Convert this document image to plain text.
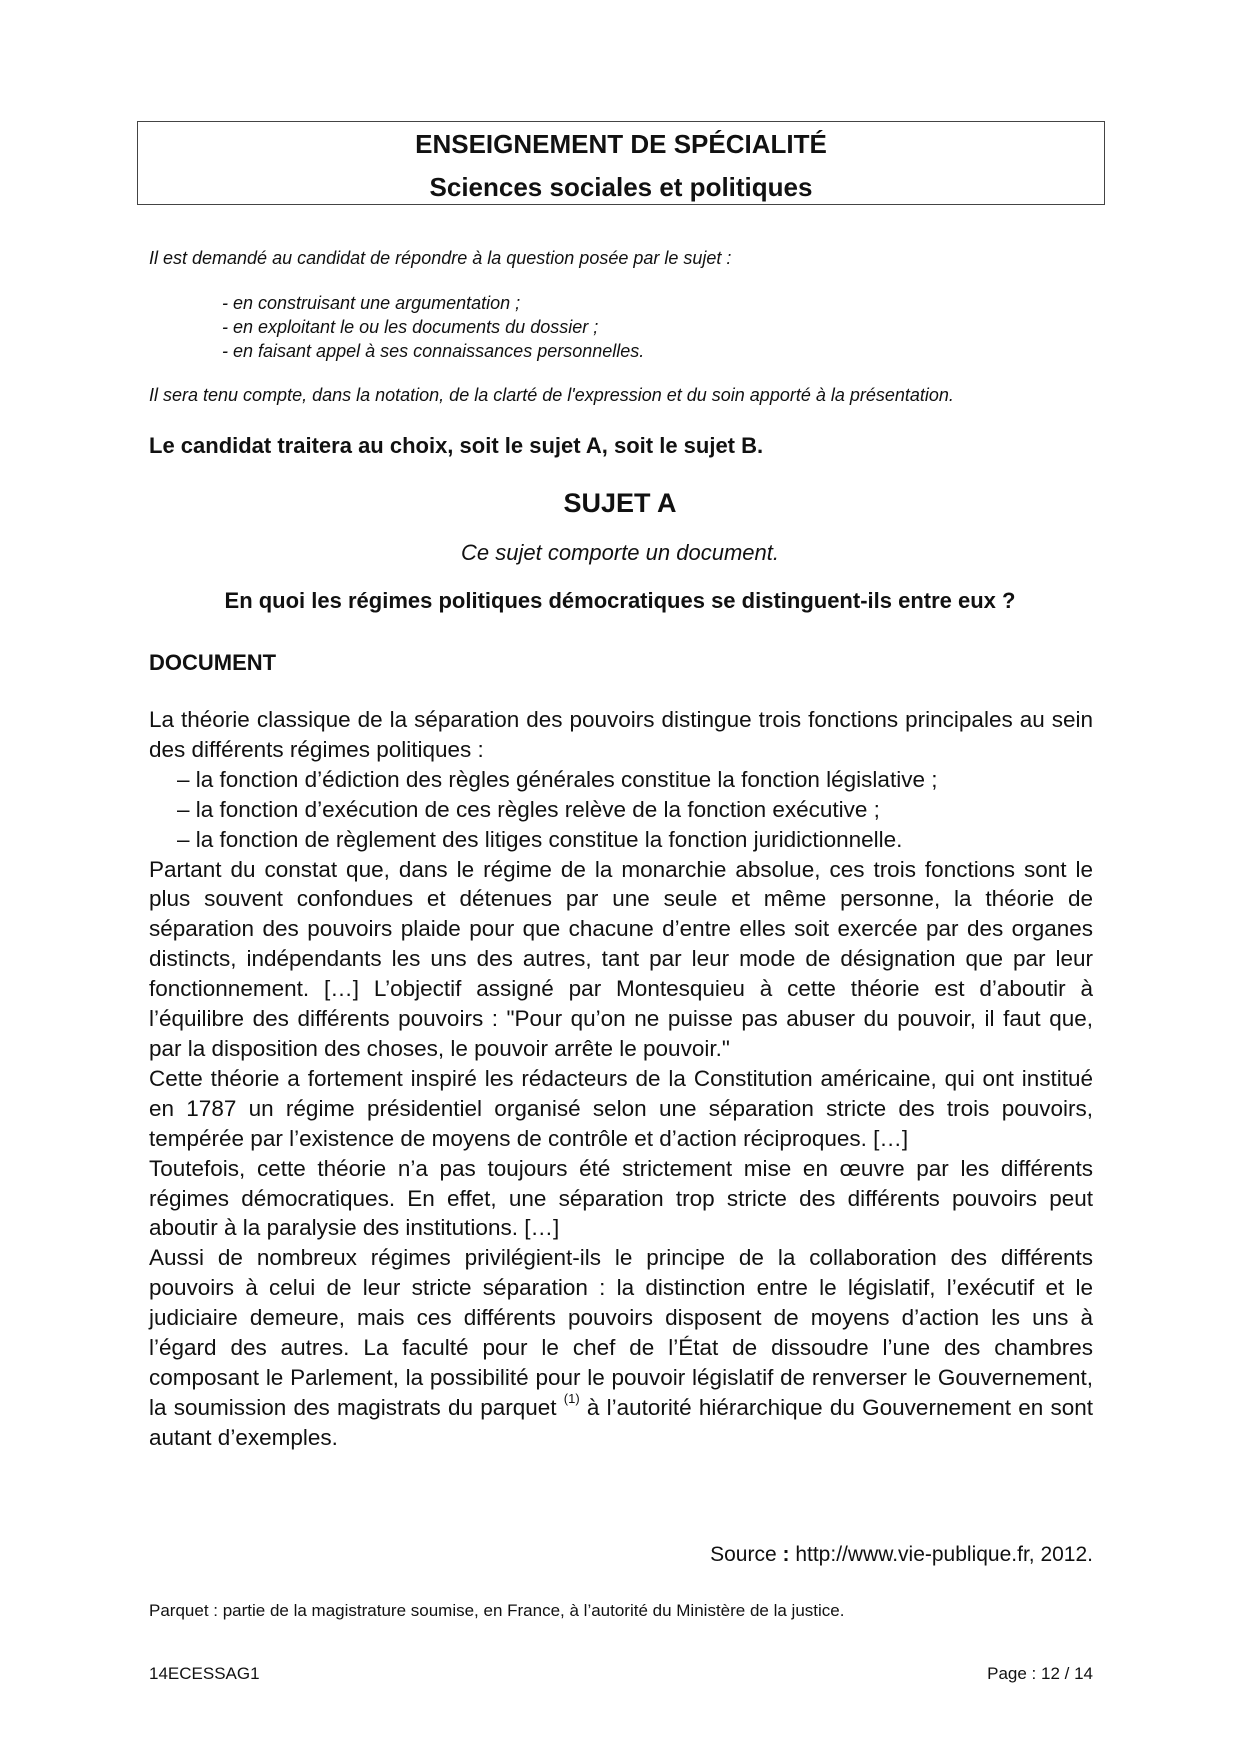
ENSEIGNEMENT DE SPÉCIALITÉ
Sciences sociales et politiques
Il est demandé au candidat de répondre à la question posée par le sujet :
- en construisant une argumentation ;
- en exploitant le ou les documents du dossier ;
- en faisant appel à ses connaissances personnelles.
Il sera tenu compte, dans la notation, de la clarté de l'expression et du soin apporté à la présentation.
Le candidat traitera au choix, soit le sujet A, soit le sujet B.
SUJET A
Ce sujet comporte un document.
En quoi les régimes politiques démocratiques se distinguent-ils entre eux ?
DOCUMENT

La théorie classique de la séparation des pouvoirs distingue trois fonctions principales au sein des différents régimes politiques :

– la fonction d’édiction des règles générales constitue la fonction législative ;

– la fonction d’exécution de ces règles relève de la fonction exécutive ;

– la fonction de règlement des litiges constitue la fonction juridictionnelle.

Partant du constat que, dans le régime de la monarchie absolue, ces trois fonctions sont le plus souvent confondues et détenues par une seule et même personne, la théorie de séparation des pouvoirs plaide pour que chacune d’entre elles soit exercée par des organes distincts, indépendants les uns des autres, tant par leur mode de désignation que par leur fonctionnement. […] L’objectif assigné par Montesquieu à cette théorie est d’aboutir à l’équilibre des différents pouvoirs : "Pour qu’on ne puisse pas abuser du pouvoir, il faut que, par la disposition des choses, le pouvoir arrête le pouvoir."

Cette théorie a fortement inspiré les rédacteurs de la Constitution américaine, qui ont institué en 1787 un régime présidentiel organisé selon une séparation stricte des trois pouvoirs, tempérée par l’existence de moyens de contrôle et d’action réciproques. […]

Toutefois, cette théorie n’a pas toujours été strictement mise en œuvre par les différents régimes démocratiques. En effet, une séparation trop stricte des différents pouvoirs peut aboutir à la paralysie des institutions. […]

Aussi de nombreux régimes privilégient-ils le principe de la collaboration des différents pouvoirs à celui de leur stricte séparation : la distinction entre le législatif, l’exécutif et le judiciaire demeure, mais ces différents pouvoirs disposent de moyens d’action les uns à l’égard des autres. La faculté pour le chef de l’État de dissoudre l’une des chambres composant le Parlement, la possibilité pour le pouvoir législatif de renverser le Gouvernement, la soumission des magistrats du parquet $^{(1)}$ à l’autorité hiérarchique du Gouvernement en sont autant d’exemples.

Source : http://www.vie-publique.fr, 2012.
Parquet : partie de la magistrature soumise, en France, à l’autorité du Ministère de la justice.
14ECESSAG1	Page : 12 / 14
